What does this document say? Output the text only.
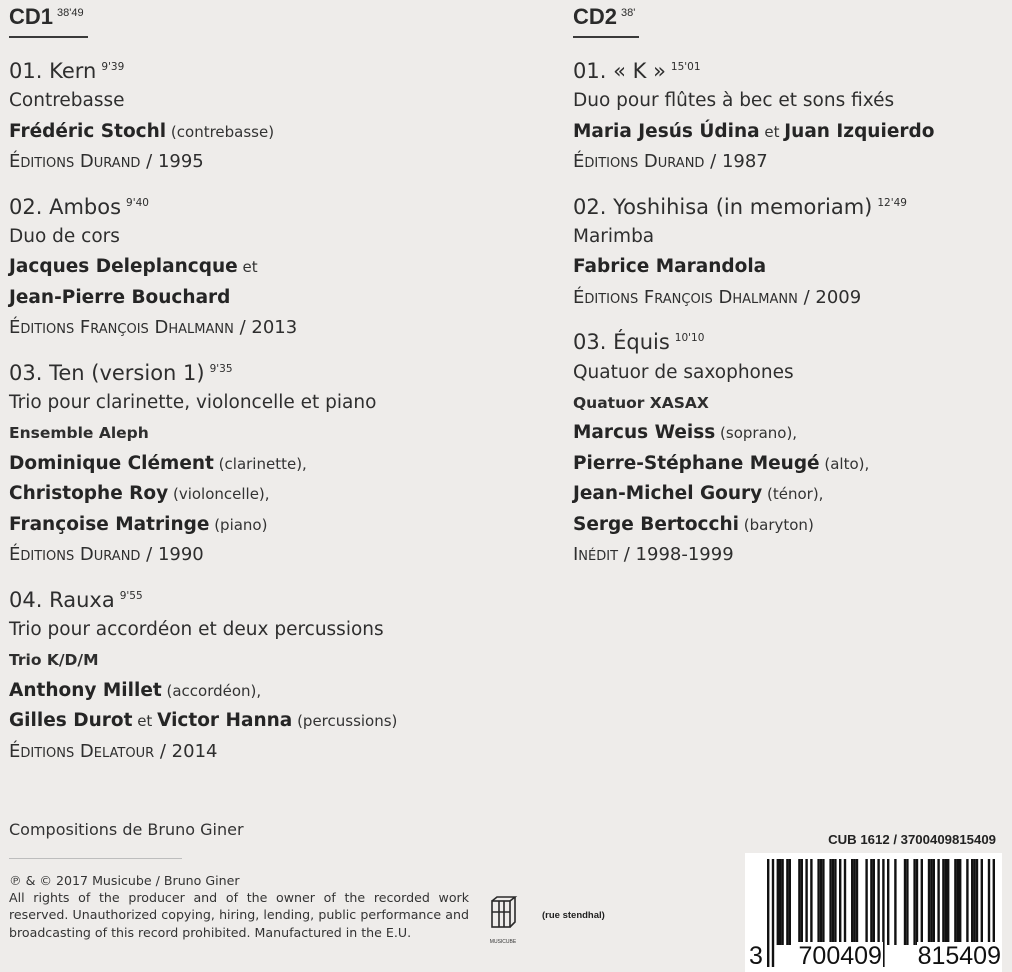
CD1 $^{38'49}$
01. Kern $^{9'39}$
Contrebasse
Frédéric Stochl (contrebasse)
Éditions Durand / 1995
02. Ambos $^{9'40}$
Duo de cors
Jacques Deleplancque et
Jean-Pierre Bouchard
Éditions François Dhalmann / 2013
03. Ten (version 1) $^{9'35}$
Trio pour clarinette, violoncelle et piano
Ensemble Aleph
Dominique Clément (clarinette),
Christophe Roy (violoncelle),
Françoise Matringe (piano)
Éditions Durand / 1990
04. Rauxa $^{9'55}$
Trio pour accordéon et deux percussions
Trio K/D/M
Anthony Millet (accordéon),
Gilles Durot et Victor Hanna (percussions)
Éditions Delatour / 2014
CD2 $^{38'}$
01. « K » $^{15'01}$
Duo pour flûtes à bec et sons fixés
Maria Jesús Údina et Juan Izquierdo
Éditions Durand / 1987
02. Yoshihisa (in memoriam) $^{12'49}$
Marimba
Fabrice Marandola
Éditions François Dhalmann / 2009
03. Équis $^{10'10}$
Quatuor de saxophones
Quatuor XASAX
Marcus Weiss (soprano),
Pierre-Stéphane Meugé (alto),
Jean-Michel Goury (ténor),
Serge Bertocchi (baryton)
Inédit / 1998-1999
Compositions de Bruno Giner
℗ & © 2017 Musicube / Bruno Giner
All rights of the producer and of the owner of the recorded work reserved. Unauthorized copying, hiring, lending, public performance and broadcasting of this record prohibited. Manufactured in the E.U.
MUSICUBE
(rue stendhal)
CUB 1612 / 3700409815409
3 700409 815409
